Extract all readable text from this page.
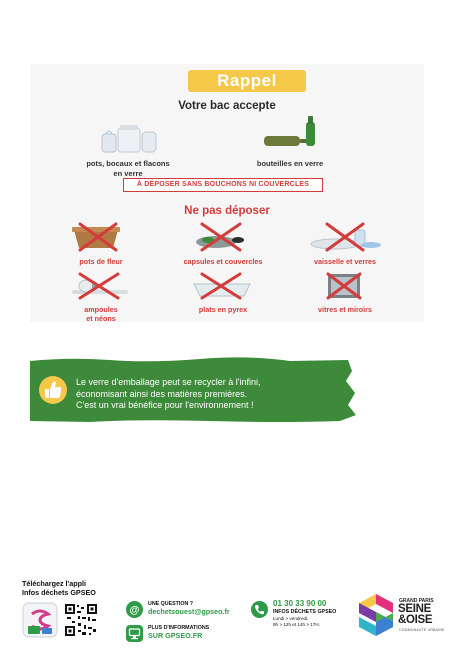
Rappel
Votre bac accepte
pots, bocaux et flacons
en verre
bouteilles en verre
À DÉPOSER SANS BOUCHONS NI COUVERCLES
Ne pas déposer
pots de fleur	capsules et couvercles	vaisselle et verres
ampoules
et néons
plats en pyrex	vitres et miroirs
Le verre d'emballage peut se recycler à l'infini,
économisant ainsi des matières premières.
C'est un vrai bénéfice pour l'environnement !
Téléchargez l'appli
Infos déchets GPSEO
@
UNE QUESTION ?
dechetsouest@gpseo.fr
PLUS D'INFORMATIONS
SUR GPSEO.FR
01 30 33 90 00
INFOS DÉCHETS GPSEO
Lundi > vendredi,
9h > 12h et 14h > 17H.
GRAND PARIS
SEINE
&OISE
COMMUNAUTÉ URBAINE
